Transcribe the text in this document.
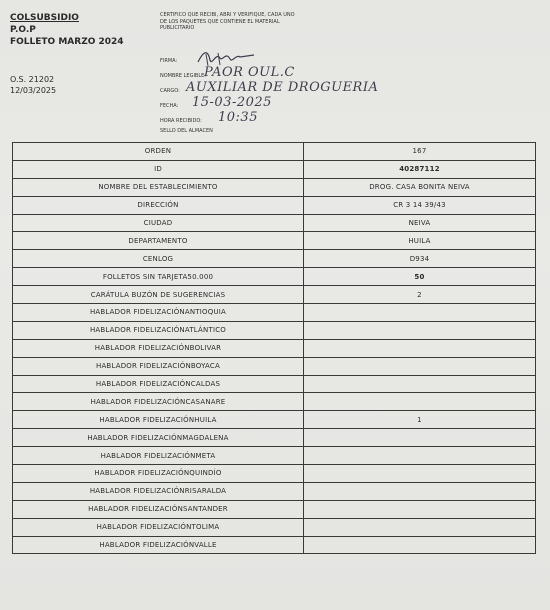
COLSUBSIDIO
P.O.P
FOLLETO MARZO 2024
O.S. 21202
12/03/2025
CERTIFICO QUE RECIBI, ABRI Y VERIFIQUE, CADA UNO DE LOS PAQUETES QUE CONTIENE EL MATERIAL PUBLICITARIO
FIRMA:
NOMBRE LEGIBLE:
PAOR OUL.C
CARGO: AUXILIAR DE DROGUERIA
FECHA: 15-03-2025
HORA RECIBIDO: 10:35
SELLO DEL ALMACEN
ORDEN	167
ID	40287112
NOMBRE DEL ESTABLECIMIENTO	DROG. CASA BONITA NEIVA
DIRECCIÓN	CR 3 14 39/43
CIUDAD	NEIVA
DEPARTAMENTO	HUILA
CENLOG	D934
FOLLETOS SIN TARJETA50.000	50
CARÁTULA BUZÓN DE SUGERENCIAS	2
HABLADOR FIDELIZACIÓNANTIOQUIA	
HABLADOR FIDELIZACIÓNATLÁNTICO	
HABLADOR FIDELIZACIÓNBOLIVAR	
HABLADOR FIDELIZACIÓNBOYACA	
HABLADOR FIDELIZACIÓNCALDAS	
HABLADOR FIDELIZACIÓNCASANARE	
HABLADOR FIDELIZACIÓNHUILA	1
HABLADOR FIDELIZACIÓNMAGDALENA	
HABLADOR FIDELIZACIÓNMETA	
HABLADOR FIDELIZACIÓNQUINDÍO	
HABLADOR FIDELIZACIÓNRISARALDA	
HABLADOR FIDELIZACIÓNSANTANDER	
HABLADOR FIDELIZACIÓNTOLIMA	
HABLADOR FIDELIZACIÓNVALLE	
